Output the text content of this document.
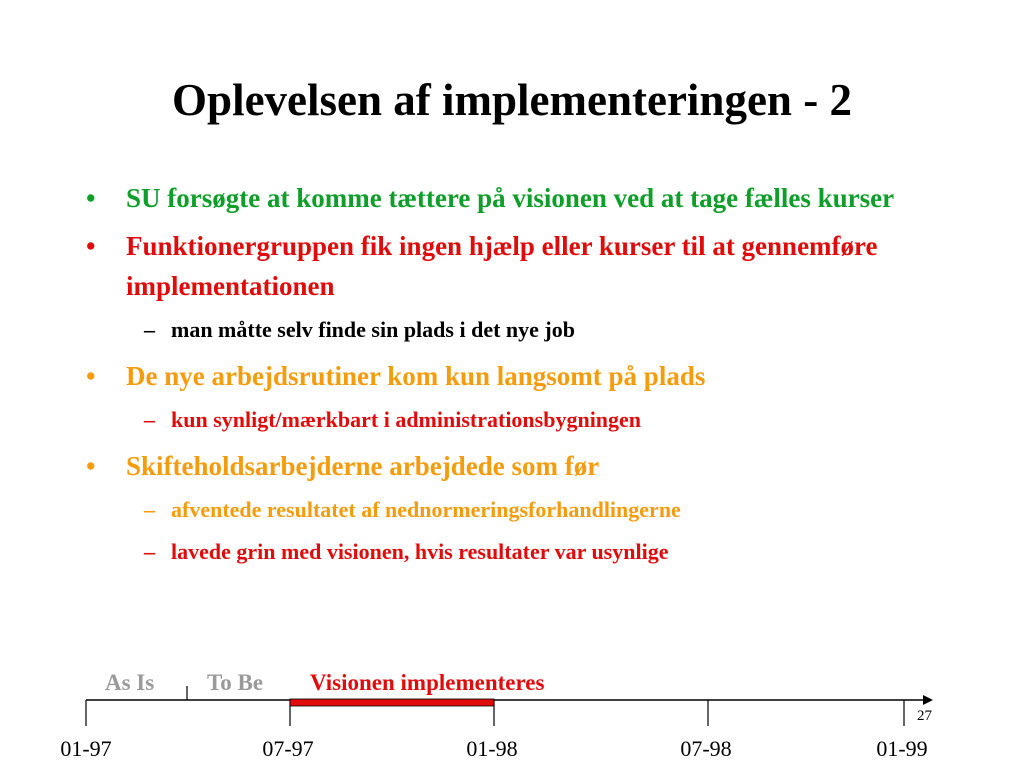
Oplevelsen af implementeringen - 2
• SU forsøgte at komme tættere på visionen ved at tage fælles kurser
• Funktionergruppen fik ingen hjælp eller kurser til at gennemføre implementationen
– man måtte selv finde sin plads i det nye job
• De nye arbejdsrutiner kom kun langsomt på plads
– kun synligt/mærkbart i administrationsbygningen
• Skifteholdsarbejderne arbejdede som før
– afventede resultatet af nednormeringsforhandlingerne
– lavede grin med visionen, hvis resultater var usynlige
As Is To Be Visionen implementeres
01-97	07-97	01-98	07-98	01-99
27
